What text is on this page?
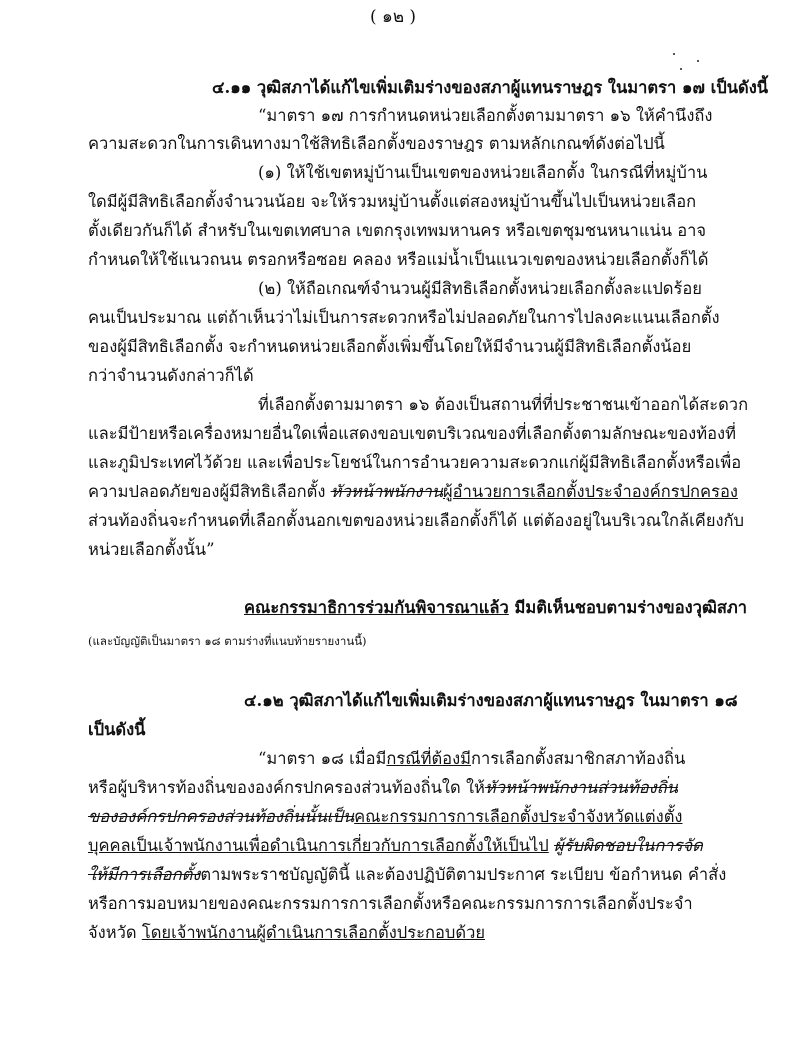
( ๑๒ )
๔.๑๑ วุฒิสภาได้แก้ไขเพิ่มเติมร่างของสภาผู้แทนราษฎร ในมาตรา ๑๗ เป็นดังนี้
“มาตรา ๑๗ การกำหนดหน่วยเลือกตั้งตามมาตรา ๑๖ ให้คำนึงถึง
ความสะดวกในการเดินทางมาใช้สิทธิเลือกตั้งของราษฎร ตามหลักเกณฑ์ดังต่อไปนี้
(๑) ให้ใช้เขตหมู่บ้านเป็นเขตของหน่วยเลือกตั้ง ในกรณีที่หมู่บ้าน
ใดมีผู้มีสิทธิเลือกตั้งจำนวนน้อย จะให้รวมหมู่บ้านตั้งแต่สองหมู่บ้านขึ้นไปเป็นหน่วยเลือก
ตั้งเดียวกันก็ได้ สำหรับในเขตเทศบาล เขตกรุงเทพมหานคร หรือเขตชุมชนหนาแน่น อาจ
กำหนดให้ใช้แนวถนน ตรอกหรือซอย คลอง หรือแม่น้ำเป็นแนวเขตของหน่วยเลือกตั้งก็ได้
(๒) ให้ถือเกณฑ์จำนวนผู้มีสิทธิเลือกตั้งหน่วยเลือกตั้งละแปดร้อย
คนเป็นประมาณ แต่ถ้าเห็นว่าไม่เป็นการสะดวกหรือไม่ปลอดภัยในการไปลงคะแนนเลือกตั้ง
ของผู้มีสิทธิเลือกตั้ง จะกำหนดหน่วยเลือกตั้งเพิ่มขึ้นโดยให้มีจำนวนผู้มีสิทธิเลือกตั้งน้อย
กว่าจำนวนดังกล่าวก็ได้
ที่เลือกตั้งตามมาตรา ๑๖ ต้องเป็นสถานที่ที่ประชาชนเข้าออกได้สะดวก
และมีป้ายหรือเครื่องหมายอื่นใดเพื่อแสดงขอบเขตบริเวณของที่เลือกตั้งตามลักษณะของท้องที่
และภูมิประเทศไว้ด้วย และเพื่อประโยชน์ในการอำนวยความสะดวกแก่ผู้มีสิทธิเลือกตั้งหรือเพื่อ
ความปลอดภัยของผู้มีสิทธิเลือกตั้ง หัวหน้าพนักงานผู้อำนวยการเลือกตั้งประจำองค์กรปกครอง
ส่วนท้องถิ่นจะกำหนดที่เลือกตั้งนอกเขตของหน่วยเลือกตั้งก็ได้ แต่ต้องอยู่ในบริเวณใกล้เคียงกับ
หน่วยเลือกตั้งนั้น”
คณะกรรมาธิการร่วมกันพิจารณาแล้ว มีมติเห็นชอบตามร่างของวุฒิสภา
(และบัญญัติเป็นมาตรา ๑๘ ตามร่างที่แนบท้ายรายงานนี้)
๔.๑๒ วุฒิสภาได้แก้ไขเพิ่มเติมร่างของสภาผู้แทนราษฎร ในมาตรา ๑๘
เป็นดังนี้
“มาตรา ๑๘ เมื่อมีกรณีที่ต้องมีการเลือกตั้งสมาชิกสภาท้องถิ่น
หรือผู้บริหารท้องถิ่นขององค์กรปกครองส่วนท้องถิ่นใด ให้หัวหน้าพนักงานส่วนท้องถิ่น
ขององค์กรปกครองส่วนท้องถิ่นนั้นเป็นคณะกรรมการการเลือกตั้งประจำจังหวัดแต่งตั้ง
บุคคลเป็นเจ้าพนักงานเพื่อดำเนินการเกี่ยวกับการเลือกตั้งให้เป็นไป ผู้รับผิดชอบในการจัด
ให้มีการเลือกตั้งตามพระราชบัญญัตินี้ และต้องปฏิบัติตามประกาศ ระเบียบ ข้อกำหนด คำสั่ง
หรือการมอบหมายของคณะกรรมการการเลือกตั้งหรือคณะกรรมการการเลือกตั้งประจำ
จังหวัด โดยเจ้าพนักงานผู้ดำเนินการเลือกตั้งประกอบด้วย
